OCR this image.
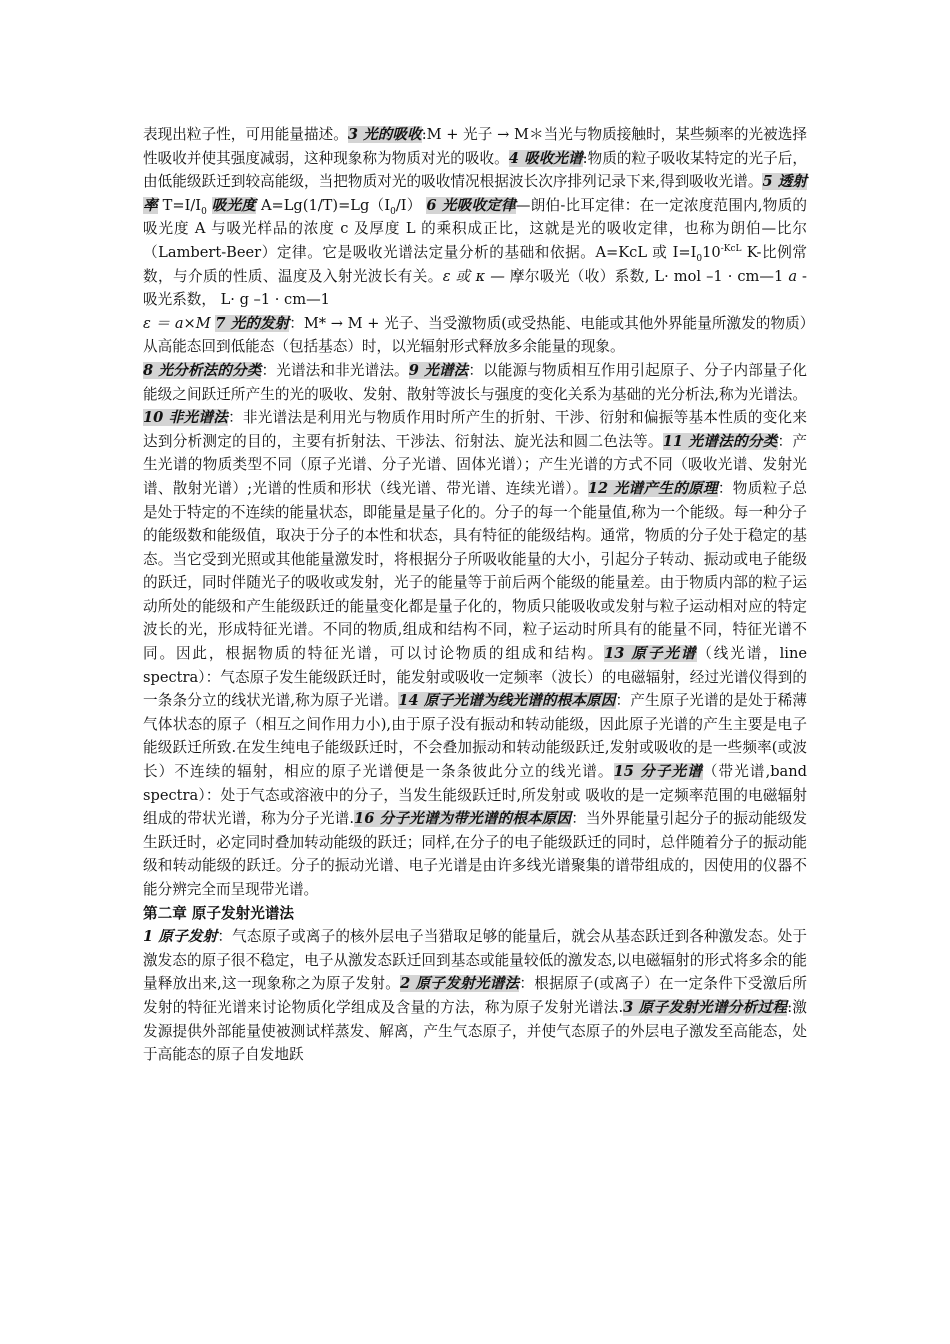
表现出粒子性，可用能量描述。3 光的吸收:M + 光子 → M＊当光与物质接触时，某些频率的光被选择性吸收并使其强度减弱，这种现象称为物质对光的吸收。4 吸收光谱:物质的粒子吸收某特定的光子后，由低能级跃迁到较高能级，当把物质对光的吸收情况根据波长次序排列记录下来,得到吸收光谱。5 透射率 $T=I/I_0$ 吸光度 $A=Lg(1/T)=Lg(I_0/I)$ 6 光吸收定律—朗伯-比耳定律：在一定浓度范围内,物质的吸光度 A 与吸光样品的浓度 c 及厚度 L 的乘积成正比，这就是光的吸收定律，也称为朗伯—比尔（Lambert-Beer）定律。它是吸收光谱法定量分析的基础和依据。A=KcL 或 $I=I_010^{-KcL}$ K-比例常数，与介质的性质、温度及入射光波长有关。ε 或 κ — 摩尔吸光（收）系数, L· mol –1 · cm—1 a - 吸光系数， L· g –1 · cm—1

ε ＝ a×M 7 光的发射：M* → M + 光子、当受激物质(或受热能、电能或其他外界能量所激发的物质）从高能态回到低能态（包括基态）时，以光辐射形式释放多余能量的现象。

8 光分析法的分类：光谱法和非光谱法。9 光谱法：以能源与物质相互作用引起原子、分子内部量子化能级之间跃迁所产生的光的吸收、发射、散射等波长与强度的变化关系为基础的光分析法,称为光谱法。10 非光谱法：非光谱法是利用光与物质作用时所产生的折射、干涉、衍射和偏振等基本性质的变化来达到分析测定的目的，主要有折射法、干涉法、衍射法、旋光法和圆二色法等。11 光谱法的分类：产生光谱的物质类型不同（原子光谱、分子光谱、固体光谱）；产生光谱的方式不同（吸收光谱、发射光谱、散射光谱）;光谱的性质和形状（线光谱、带光谱、连续光谱）。12 光谱产生的原理：物质粒子总是处于特定的不连续的能量状态，即能量是量子化的。分子的每一个能量值,称为一个能级。每一种分子的能级数和能级值，取决于分子的本性和状态，具有特征的能级结构。通常，物质的分子处于稳定的基态。当它受到光照或其他能量激发时，将根据分子所吸收能量的大小，引起分子转动、振动或电子能级的跃迁，同时伴随光子的吸收或发射，光子的能量等于前后两个能级的能量差。由于物质内部的粒子运动所处的能级和产生能级跃迁的能量变化都是量子化的，物质只能吸收或发射与粒子运动相对应的特定波长的光，形成特征光谱。不同的物质,组成和结构不同，粒子运动时所具有的能量不同，特征光谱不同。因此，根据物质的特征光谱，可以讨论物质的组成和结构。13 原子光谱（线光谱，line spectra）：气态原子发生能级跃迁时，能发射或吸收一定频率（波长）的电磁辐射，经过光谱仪得到的一条条分立的线状光谱,称为原子光谱。14 原子光谱为线光谱的根本原因：产生原子光谱的是处于稀薄气体状态的原子（相互之间作用力小),由于原子没有振动和转动能级，因此原子光谱的产生主要是电子能级跃迁所致.在发生纯电子能级跃迁时，不会叠加振动和转动能级跃迁,发射或吸收的是一些频率(或波长）不连续的辐射，相应的原子光谱便是一条条彼此分立的线光谱。15 分子光谱（带光谱,band spectra）：处于气态或溶液中的分子，当发生能级跃迁时,所发射或 吸收的是一定频率范围的电磁辐射组成的带状光谱，称为分子光谱.16 分子光谱为带光谱的根本原因：当外界能量引起分子的振动能级发生跃迁时，必定同时叠加转动能级的跃迁；同样,在分子的电子能级跃迁的同时，总伴随着分子的振动能级和转动能级的跃迁。分子的振动光谱、电子光谱是由许多线光谱聚集的谱带组成的，因使用的仪器不能分辨完全而呈现带光谱。

第二章 原子发射光谱法

1 原子发射：气态原子或离子的核外层电子当猎取足够的能量后，就会从基态跃迁到各种激发态。处于激发态的原子很不稳定，电子从激发态跃迁回到基态或能量较低的激发态,以电磁辐射的形式将多余的能量释放出来,这一现象称之为原子发射。2 原子发射光谱法：根据原子(或离子）在一定条件下受激后所发射的特征光谱来讨论物质化学组成及含量的方法，称为原子发射光谱法.3 原子发射光谱分析过程:激发源提供外部能量使被测试样蒸发、解离，产生气态原子，并使气态原子的外层电子激发至高能态，处于高能态的原子自发地跃
